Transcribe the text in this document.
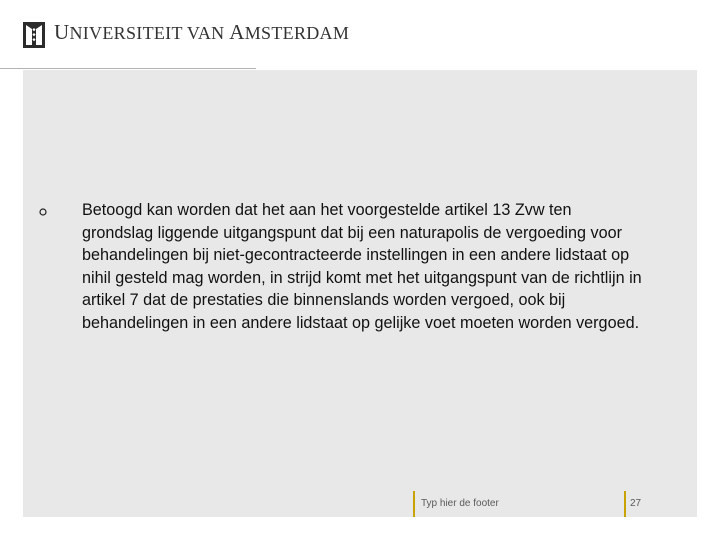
UNIVERSITEIT VAN AMSTERDAM
Betoogd kan worden dat het aan het voorgestelde artikel 13 Zvw ten grondslag liggende uitgangspunt dat bij een naturapolis de vergoeding voor behandelingen bij niet-gecontracteerde instellingen in een andere lidstaat op nihil gesteld mag worden, in strijd komt met het uitgangspunt van de richtlijn in artikel 7 dat de prestaties die binnenslands worden vergoed, ook bij behandelingen in een andere lidstaat op gelijke voet moeten worden vergoed.
Typ hier de footer	27
